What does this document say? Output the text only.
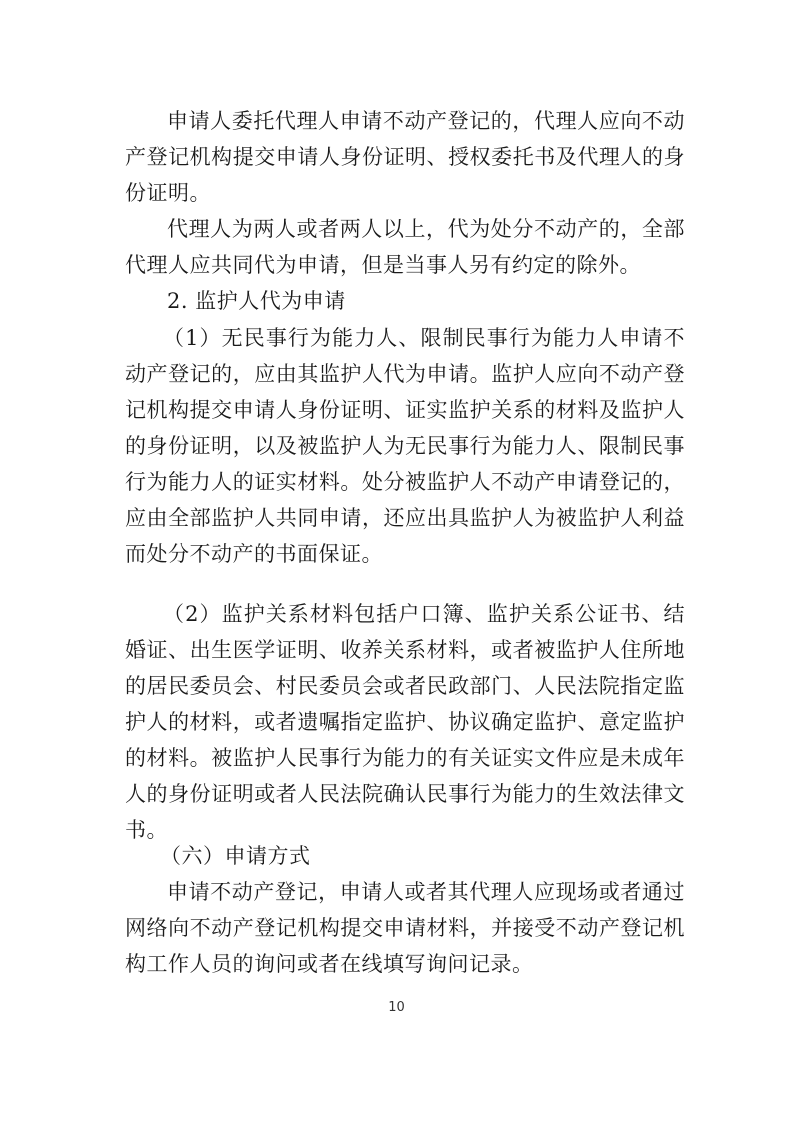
申请人委托代理人申请不动产登记的，代理人应向不动产登记机构提交申请人身份证明、授权委托书及代理人的身份证明。

代理人为两人或者两人以上，代为处分不动产的，全部代理人应共同代为申请，但是当事人另有约定的除外。

2. 监护人代为申请

（1）无民事行为能力人、限制民事行为能力人申请不动产登记的，应由其监护人代为申请。监护人应向不动产登记机构提交申请人身份证明、证实监护关系的材料及监护人的身份证明，以及被监护人为无民事行为能力人、限制民事行为能力人的证实材料。处分被监护人不动产申请登记的，应由全部监护人共同申请，还应出具监护人为被监护人利益而处分不动产的书面保证。

（2）监护关系材料包括户口簿、监护关系公证书、结婚证、出生医学证明、收养关系材料，或者被监护人住所地的居民委员会、村民委员会或者民政部门、人民法院指定监护人的材料，或者遗嘱指定监护、协议确定监护、意定监护的材料。被监护人民事行为能力的有关证实文件应是未成年人的身份证明或者人民法院确认民事行为能力的生效法律文书。

（六）申请方式

申请不动产登记，申请人或者其代理人应现场或者通过网络向不动产登记机构提交申请材料，并接受不动产登记机构工作人员的询问或者在线填写询问记录。

10
